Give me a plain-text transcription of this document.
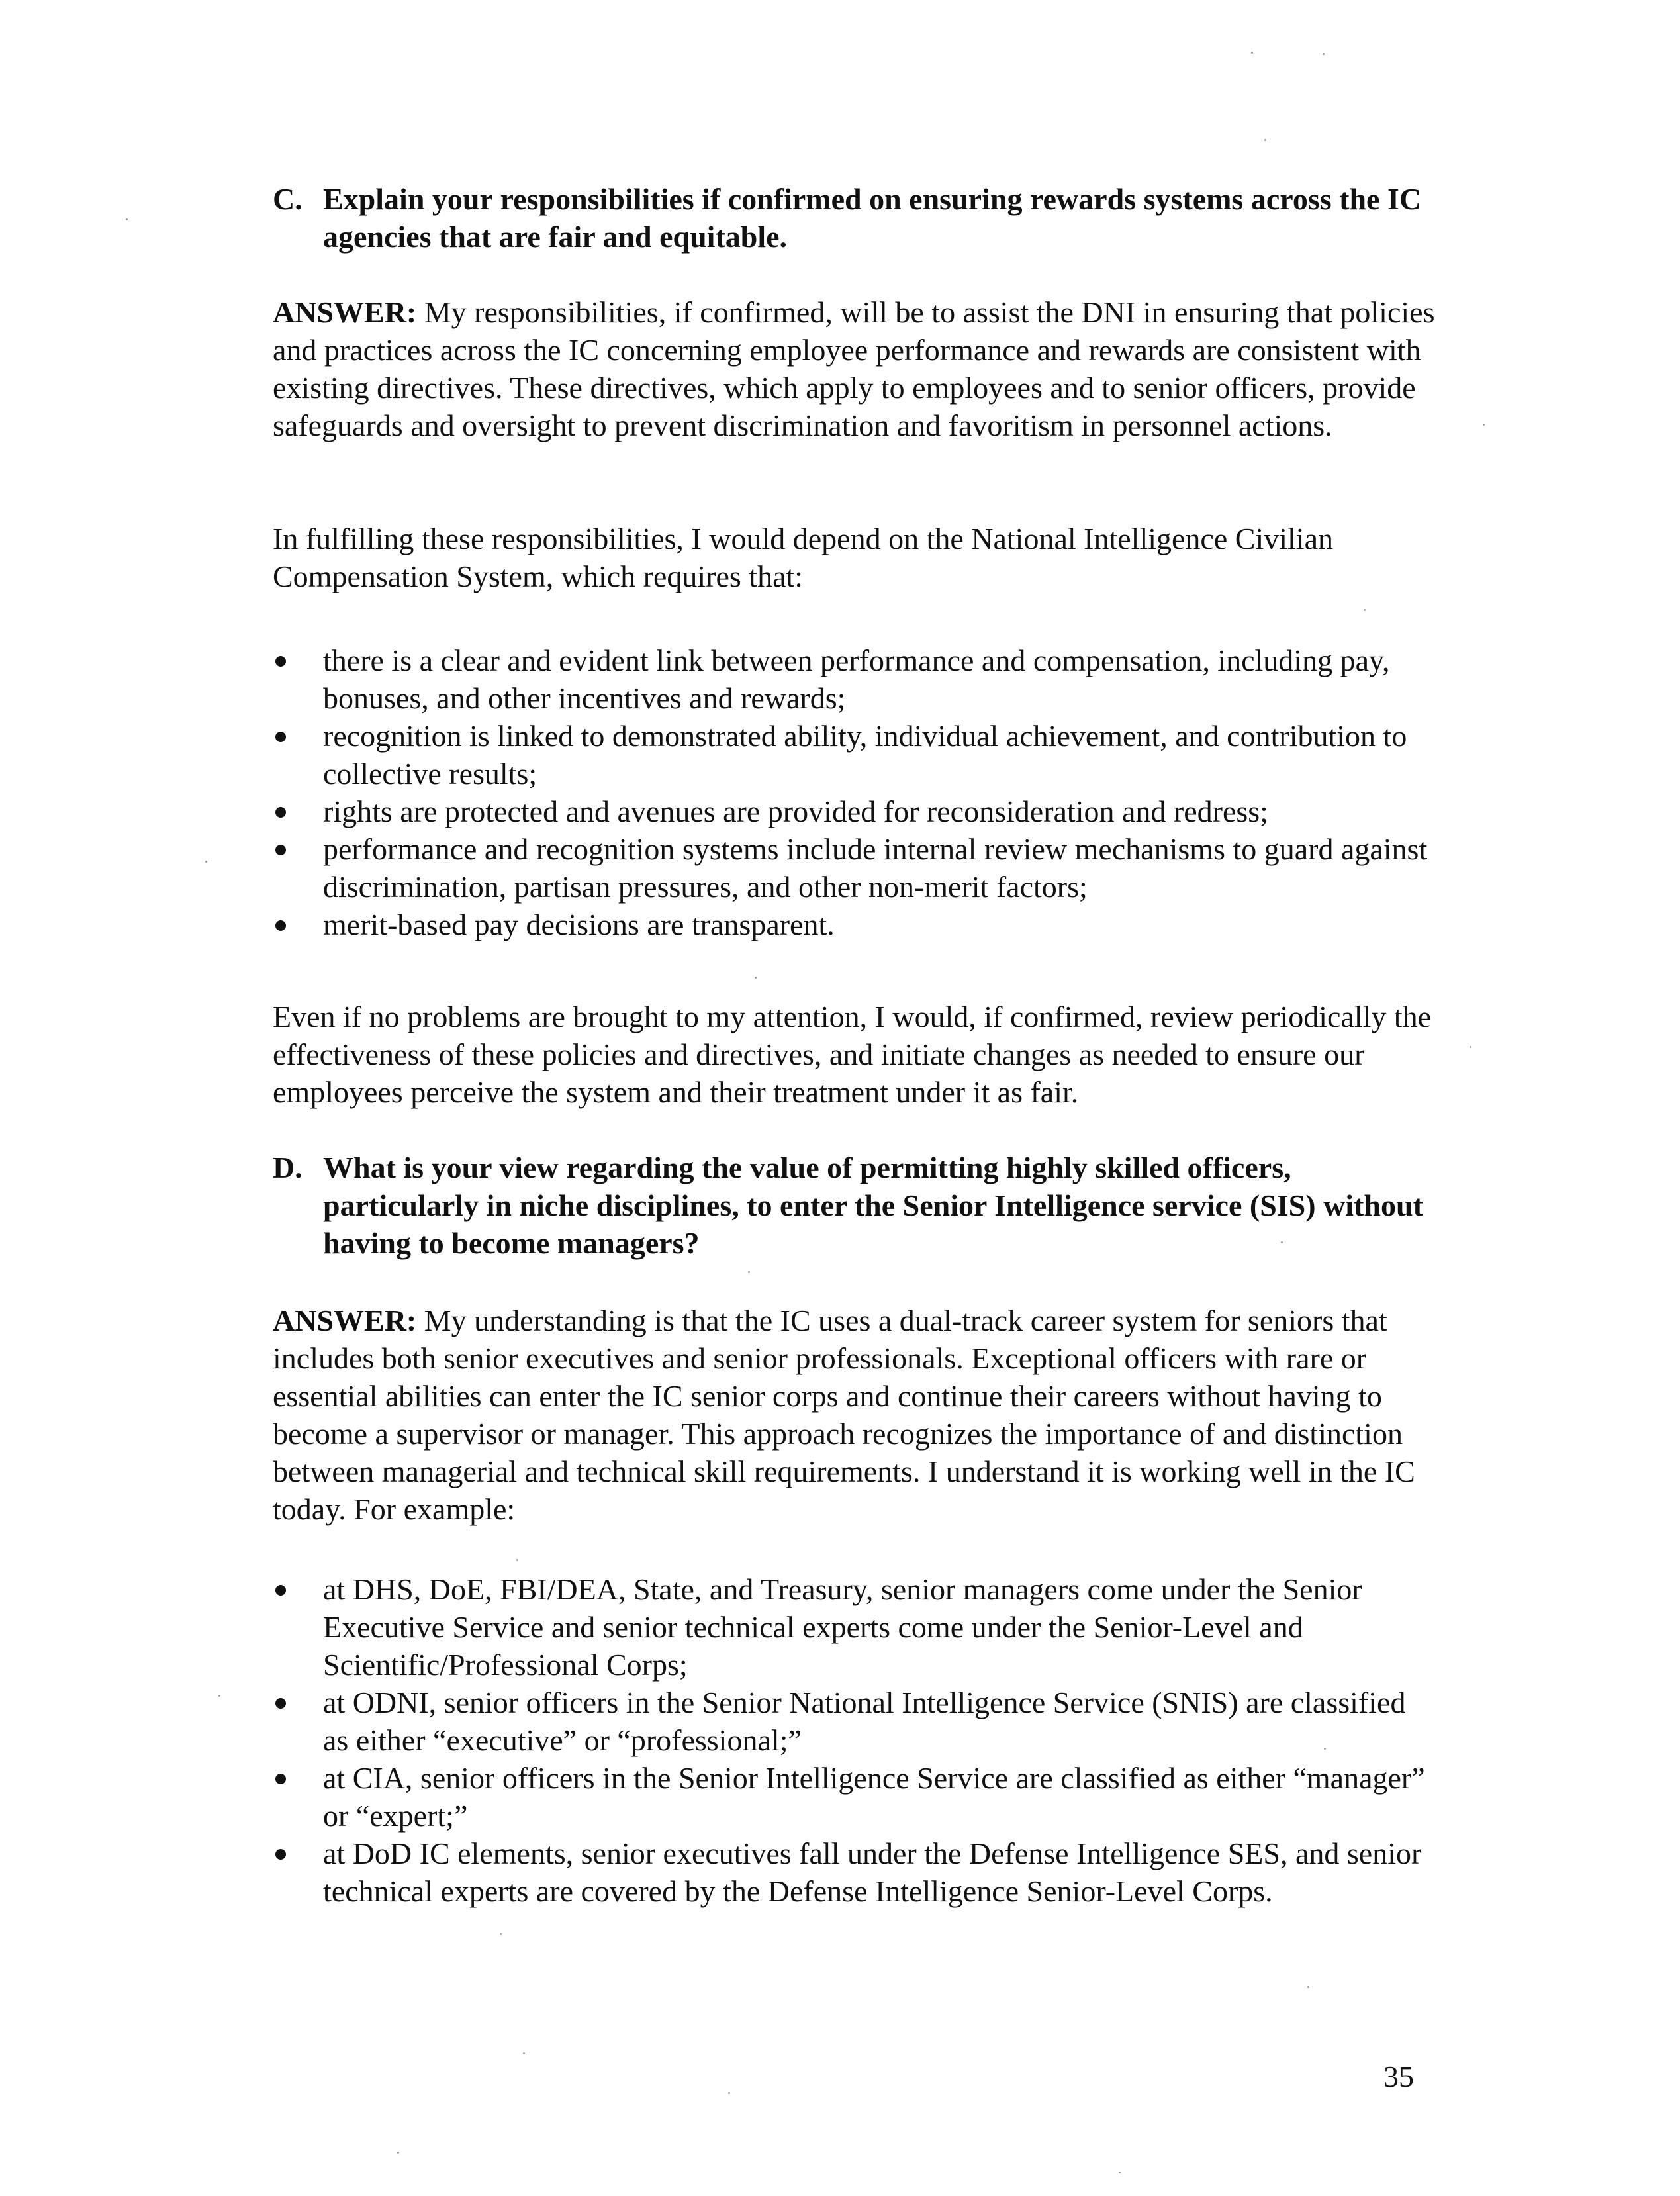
C. Explain your responsibilities if confirmed on ensuring rewards systems across the IC agencies that are fair and equitable.

ANSWER: My responsibilities, if confirmed, will be to assist the DNI in ensuring that policies and practices across the IC concerning employee performance and rewards are consistent with existing directives. These directives, which apply to employees and to senior officers, provide safeguards and oversight to prevent discrimination and favoritism in personnel actions.

In fulfilling these responsibilities, I would depend on the National Intelligence Civilian Compensation System, which requires that:

there is a clear and evident link between performance and compensation, including pay, bonuses, and other incentives and rewards;
recognition is linked to demonstrated ability, individual achievement, and contribution to collective results;
rights are protected and avenues are provided for reconsideration and redress;
performance and recognition systems include internal review mechanisms to guard against discrimination, partisan pressures, and other non-merit factors;
merit-based pay decisions are transparent.

Even if no problems are brought to my attention, I would, if confirmed, review periodically the effectiveness of these policies and directives, and initiate changes as needed to ensure our employees perceive the system and their treatment under it as fair.

D. What is your view regarding the value of permitting highly skilled officers, particularly in niche disciplines, to enter the Senior Intelligence service (SIS) without having to become managers?

ANSWER: My understanding is that the IC uses a dual-track career system for seniors that includes both senior executives and senior professionals. Exceptional officers with rare or essential abilities can enter the IC senior corps and continue their careers without having to become a supervisor or manager. This approach recognizes the importance of and distinction between managerial and technical skill requirements. I understand it is working well in the IC today. For example:

at DHS, DoE, FBI/DEA, State, and Treasury, senior managers come under the Senior Executive Service and senior technical experts come under the Senior-Level and Scientific/Professional Corps;
at ODNI, senior officers in the Senior National Intelligence Service (SNIS) are classified as either “executive” or “professional;”
at CIA, senior officers in the Senior Intelligence Service are classified as either “manager” or “expert;”
at DoD IC elements, senior executives fall under the Defense Intelligence SES, and senior technical experts are covered by the Defense Intelligence Senior-Level Corps.
35
